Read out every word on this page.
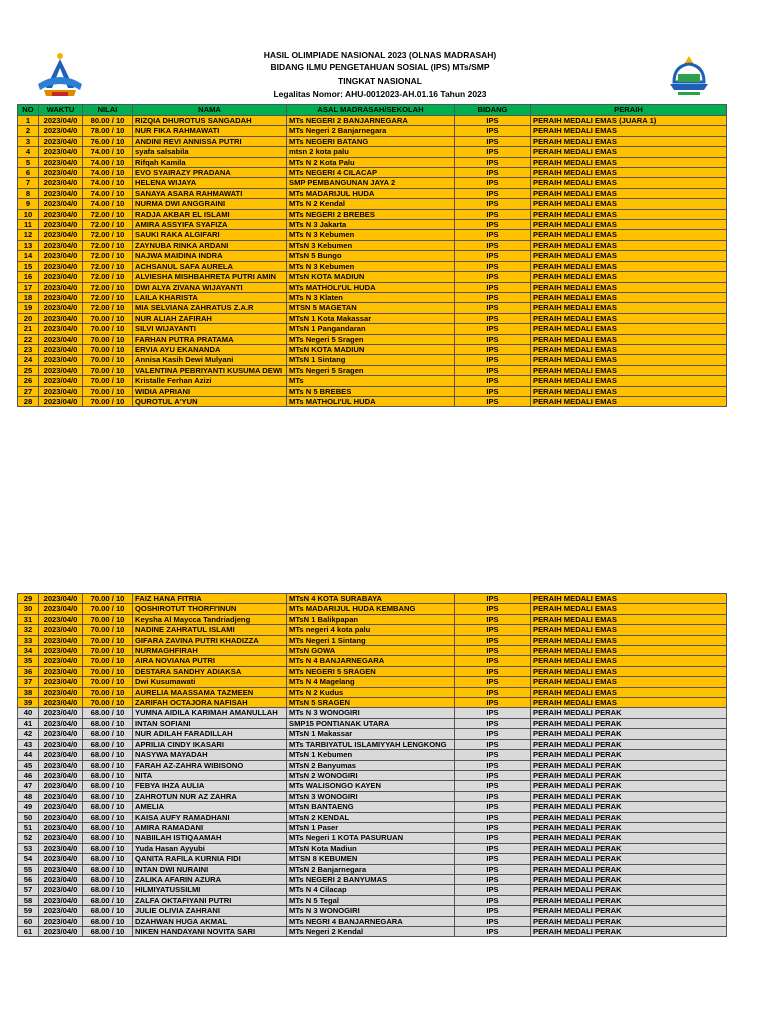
HASIL OLIMPIADE NASIONAL 2023 (OLNAS MADRASAH)
BIDANG ILMU PENGETAHUAN SOSIAL (IPS) MTs/SMP
TINGKAT NASIONAL
Legalitas Nomor: AHU-0012023-AH.01.16 Tahun 2023
NO	WAKTU	NILAI	NAMA	ASAL MADRASAH/SEKOLAH	BIDANG	PERAIH
1	2023/04/0	80.00 / 10	RIZQIA DHUROTUS SANGADAH	MTs NEGERI 2 BANJARNEGARA	IPS	PERAIH MEDALI EMAS (JUARA 1)
2	2023/04/0	78.00 / 10	NUR FIKA RAHMAWATI	MTs Negeri 2 Banjarnegara	IPS	PERAIH MEDALI EMAS
3	2023/04/0	76.00 / 10	ANDINI REVI ANNISSA PUTRI	MTs NEGERI BATANG	IPS	PERAIH MEDALI EMAS
4	2023/04/0	74.00 / 10	syafa salsabila	mtsn 2 kota palu	IPS	PERAIH MEDALI EMAS
5	2023/04/0	74.00 / 10	Rifqah Kamila	MTs N 2 Kota Palu	IPS	PERAIH MEDALI EMAS
6	2023/04/0	74.00 / 10	EVO SYAIRAZY PRADANA	MTs NEGERI 4 CILACAP	IPS	PERAIH MEDALI EMAS
7	2023/04/0	74.00 / 10	HELENA WIJAYA	SMP PEMBANGUNAN JAYA 2	IPS	PERAIH MEDALI EMAS
8	2023/04/0	74.00 / 10	SANAYA ASARA RAHMAWATI	MTs MADARIJUL HUDA	IPS	PERAIH MEDALI EMAS
9	2023/04/0	74.00 / 10	NURMA DWI ANGGRAINI	MTs N 2 Kendal	IPS	PERAIH MEDALI EMAS
10	2023/04/0	72.00 / 10	RADJA AKBAR EL ISLAMI	MTs NEGERI 2 BREBES	IPS	PERAIH MEDALI EMAS
11	2023/04/0	72.00 / 10	AMIRA ASSYIFA SYAFIZA	MTs N 3 Jakarta	IPS	PERAIH MEDALI EMAS
12	2023/04/0	72.00 / 10	SAUKI RAKA ALGIFARI	MTs N 3 Kebumen	IPS	PERAIH MEDALI EMAS
13	2023/04/0	72.00 / 10	ZAYNUBA RINKA ARDANI	MTsN 3 Kebumen	IPS	PERAIH MEDALI EMAS
14	2023/04/0	72.00 / 10	NAJWA MAIDINA INDRA	MTsN 5 Bungo	IPS	PERAIH MEDALI EMAS
15	2023/04/0	72.00 / 10	ACHSANUL SAFA AURELA	MTs N 3 Kebumen	IPS	PERAIH MEDALI EMAS
16	2023/04/0	72.00 / 10	ALVIESHA MISHBAHRETA PUTRI AMIN	MTsN KOTA MADIUN	IPS	PERAIH MEDALI EMAS
17	2023/04/0	72.00 / 10	DWI ALYA ZIVANA WIJAYANTI	MTs MATHOLI'UL HUDA	IPS	PERAIH MEDALI EMAS
18	2023/04/0	72.00 / 10	LAILA KHARISTA	MTs N 3 Klaten	IPS	PERAIH MEDALI EMAS
19	2023/04/0	72.00 / 10	MIA SELVIANA ZAHRATUS Z.A.R	MTSN 5 MAGETAN	IPS	PERAIH MEDALI EMAS
20	2023/04/0	70.00 / 10	NUR ALIAH ZAFIRAH	MTsN 1 Kota Makassar	IPS	PERAIH MEDALI EMAS
21	2023/04/0	70.00 / 10	SILVI WIJAYANTI	MTsN 1 Pangandaran	IPS	PERAIH MEDALI EMAS
22	2023/04/0	70.00 / 10	FARHAN PUTRA PRATAMA	MTs Negeri 5 Sragen	IPS	PERAIH MEDALI EMAS
23	2023/04/0	70.00 / 10	ERVIA AYU EKANANDA	MTsN KOTA MADIUN	IPS	PERAIH MEDALI EMAS
24	2023/04/0	70.00 / 10	Annisa Kasih Dewi Mulyani	MTsN 1 Sintang	IPS	PERAIH MEDALI EMAS
25	2023/04/0	70.00 / 10	VALENTINA PEBRIYANTI KUSUMA DEWI	MTs Negeri 5 Sragen	IPS	PERAIH MEDALI EMAS
26	2023/04/0	70.00 / 10	Kristalle Ferhan Azizi	MTs	IPS	PERAIH MEDALI EMAS
27	2023/04/0	70.00 / 10	WIDIA APRIANI	MTs N 5 BREBES	IPS	PERAIH MEDALI EMAS
28	2023/04/0	70.00 / 10	QUROTUL A'YUN	MTs MATHOLI'UL HUDA	IPS	PERAIH MEDALI EMAS
29	2023/04/0	70.00 / 10	FAIZ HANA FITRIA	MTsN 4 KOTA SURABAYA	IPS	PERAIH MEDALI EMAS
30	2023/04/0	70.00 / 10	QOSHIROTUT THORFI'INUN	MTs MADARIJUL HUDA KEMBANG	IPS	PERAIH MEDALI EMAS
31	2023/04/0	70.00 / 10	Keysha Al Maycca Tandriadjeng	MTsN 1 Balikpapan	IPS	PERAIH MEDALI EMAS
32	2023/04/0	70.00 / 10	NADINE ZAHRATUL ISLAMI	MTs negeri 4 kota palu	IPS	PERAIH MEDALI EMAS
33	2023/04/0	70.00 / 10	GIFARA ZAVINA PUTRI KHADIZZA	MTs Negeri 1 Sintang	IPS	PERAIH MEDALI EMAS
34	2023/04/0	70.00 / 10	NURMAGHFIRAH	MTsN GOWA	IPS	PERAIH MEDALI EMAS
35	2023/04/0	70.00 / 10	AIRA NOVIANA PUTRI	MTs N 4 BANJARNEGARA	IPS	PERAIH MEDALI EMAS
36	2023/04/0	70.00 / 10	DESTARA SANDHY ADIAKSA	MTs NEGERI 5 SRAGEN	IPS	PERAIH MEDALI EMAS
37	2023/04/0	70.00 / 10	Dwi Kusumawati	MTs N 4 Magelang	IPS	PERAIH MEDALI EMAS
38	2023/04/0	70.00 / 10	AURELIA MAASSAMA TAZMEEN	MTs N 2 Kudus	IPS	PERAIH MEDALI EMAS
39	2023/04/0	70.00 / 10	ZARIFAH OCTAJORA NAFISAH	MTsN 5 SRAGEN	IPS	PERAIH MEDALI EMAS
40	2023/04/0	68.00 / 10	YUMNA AIDILA KARIMAH AMANULLAH	MTs N 3 WONOGIRI	IPS	PERAIH MEDALI PERAK
41	2023/04/0	68.00 / 10	INTAN SOFIANI	SMP15 PONTIANAK UTARA	IPS	PERAIH MEDALI PERAK
42	2023/04/0	68.00 / 10	NUR ADILAH FARADILLAH	MTsN 1 Makassar	IPS	PERAIH MEDALI PERAK
43	2023/04/0	68.00 / 10	APRILIA CINDY IKASARI	MTs TARBIYATUL ISLAMIYYAH LENGKONG	IPS	PERAIH MEDALI PERAK
44	2023/04/0	68.00 / 10	NASYWA MAYADAH	MTsN 1 Kebumen	IPS	PERAIH MEDALI PERAK
45	2023/04/0	68.00 / 10	FARAH AZ-ZAHRA WIBISONO	MTsN 2 Banyumas	IPS	PERAIH MEDALI PERAK
46	2023/04/0	68.00 / 10	NITA	MTsN 2 WONOGIRI	IPS	PERAIH MEDALI PERAK
47	2023/04/0	68.00 / 10	FEBYA IHZA AULIA	MTs WALISONGO KAYEN	IPS	PERAIH MEDALI PERAK
48	2023/04/0	68.00 / 10	ZAHROTUN NUR AZ ZAHRA	MTsN 3 WONOGIRI	IPS	PERAIH MEDALI PERAK
49	2023/04/0	68.00 / 10	AMELIA	MTsN BANTAENG	IPS	PERAIH MEDALI PERAK
50	2023/04/0	68.00 / 10	KAISA AUFY RAMADHANI	MTsN 2 KENDAL	IPS	PERAIH MEDALI PERAK
51	2023/04/0	68.00 / 10	AMIRA RAMADANI	MTsN 1 Paser	IPS	PERAIH MEDALI PERAK
52	2023/04/0	68.00 / 10	NABIILAH ISTIQAAMAH	MTs Negeri 1 KOTA PASURUAN	IPS	PERAIH MEDALI PERAK
53	2023/04/0	68.00 / 10	Yuda Hasan Ayyubi	MTsN Kota Madiun	IPS	PERAIH MEDALI PERAK
54	2023/04/0	68.00 / 10	QANITA RAFILA KURNIA FIDI	MTSN 8 KEBUMEN	IPS	PERAIH MEDALI PERAK
55	2023/04/0	68.00 / 10	INTAN DWI NURAINI	MTsN 2 Banjarnegara	IPS	PERAIH MEDALI PERAK
56	2023/04/0	68.00 / 10	ZALIKA AFARIN AZURA	MTs NEGERI 2 BANYUMAS	IPS	PERAIH MEDALI PERAK
57	2023/04/0	68.00 / 10	HILMIYATUSSILMI	MTs N 4 Cilacap	IPS	PERAIH MEDALI PERAK
58	2023/04/0	68.00 / 10	ZALFA OKTAFIYANI PUTRI	MTs N 5 Tegal	IPS	PERAIH MEDALI PERAK
59	2023/04/0	68.00 / 10	JULIE OLIVIA ZAHRANI	MTs N 3 WONOGIRI	IPS	PERAIH MEDALI PERAK
60	2023/04/0	68.00 / 10	DZAHWAN HUGA AKMAL	MTs NEGRI 4 BANJARNEGARA	IPS	PERAIH MEDALI PERAK
61	2023/04/0	68.00 / 10	NIKEN HANDAYANI NOVITA SARI	MTs Negeri 2 Kendal	IPS	PERAIH MEDALI PERAK
